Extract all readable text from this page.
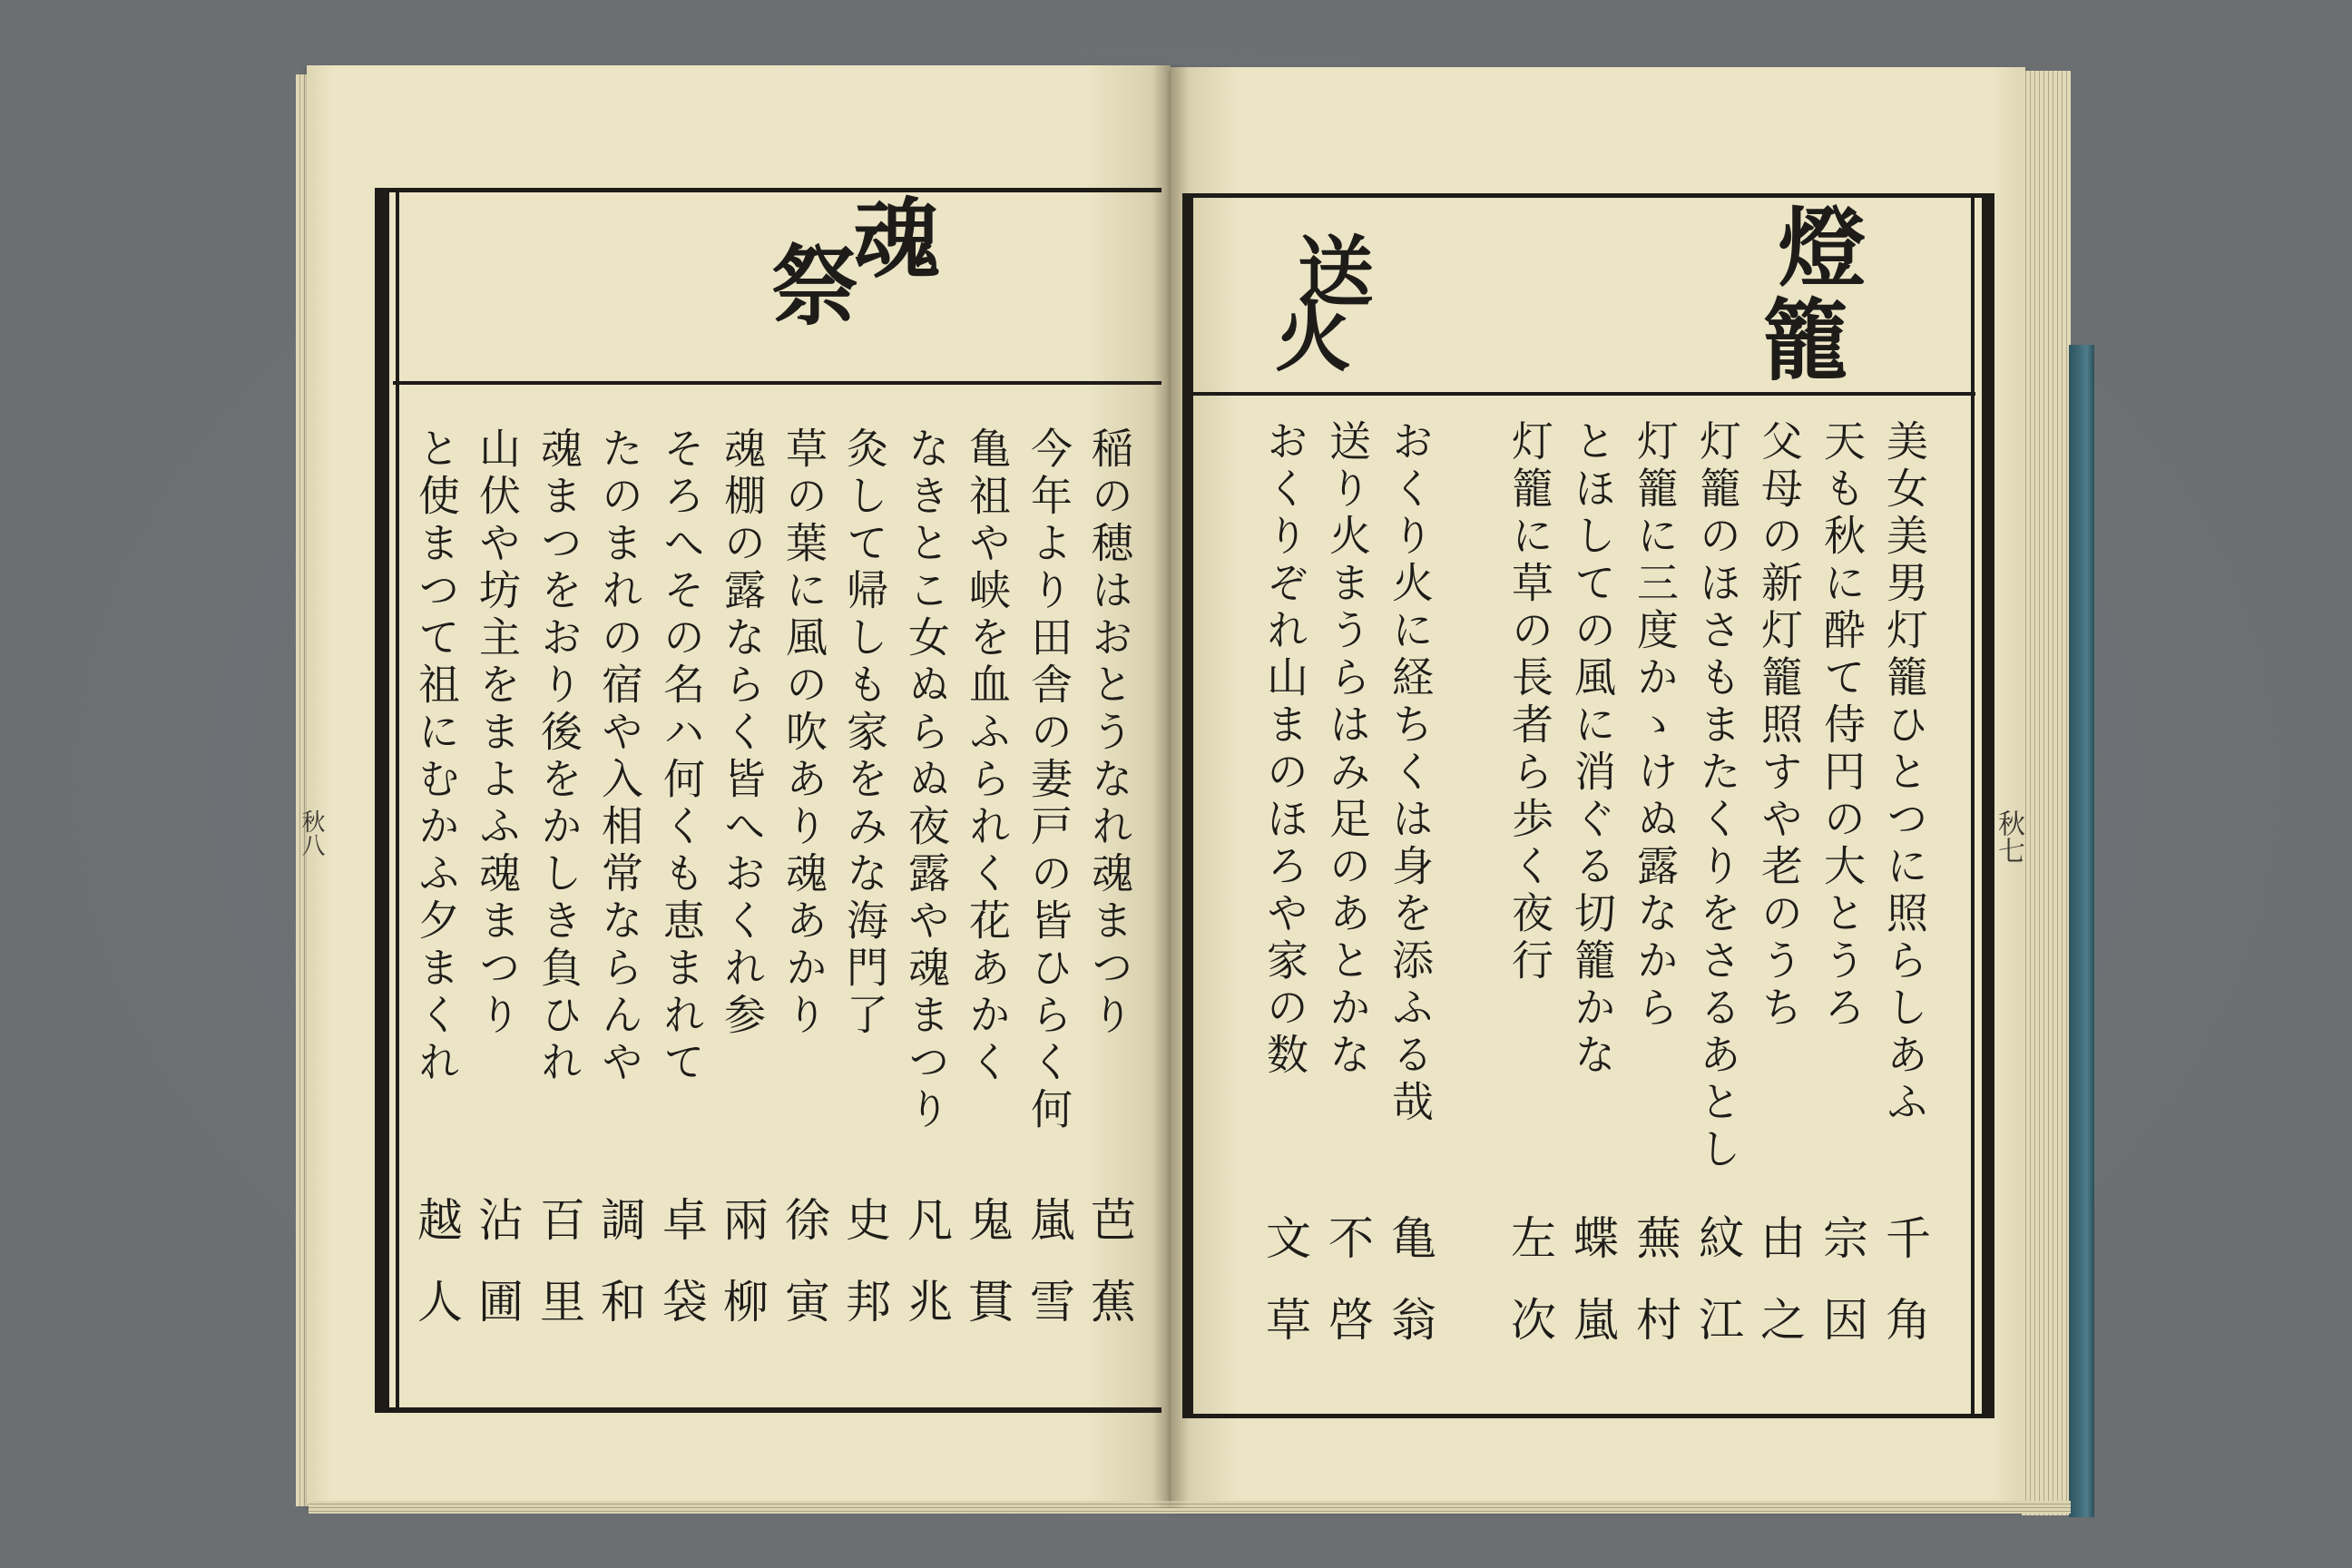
魂
祭	燈
籠
送
火
秋八	秋七
稲の穂はおとうなれ魂まつり
芭蕉
今年より田舎の妻戸の皆ひらく何
嵐雪
亀祖や峡を血ふられく花あかく
鬼貫
なきとこ女ぬらぬ夜露や魂まつり
凡兆
灸して帰しも家をみな海門了
史邦
草の葉に風の吹あり魂あかり
徐寅
魂棚の露ならく皆へおくれ参
兩柳
そろへその名ハ何くも恵まれて
卓袋
たのまれの宿や入相常ならんや
調和
魂まつをおり後をかしき負ひれ
百里
山伏や坊主をまよふ魂まつり
沾圃
と使まつて祖にむかふ夕まくれ
越人
美女美男灯籠ひとつに照らしあふ
千角
天も秋に酔て侍円の大とうろ
宗因
父母の新灯籠照すや老のうち
由之
灯籠のほさもまたくりをさるあとし
紋江
灯籠に三度かゝけぬ露なから
蕪村
とほしての風に消ぐる切籠かな
蝶嵐
灯籠に草の長者ら歩く夜行
左次
おくり火に経ちくは身を添ふる哉
亀翁
送り火まうらはみ足のあとかな
不啓
おくりぞれ山まのほろや家の数
文草
